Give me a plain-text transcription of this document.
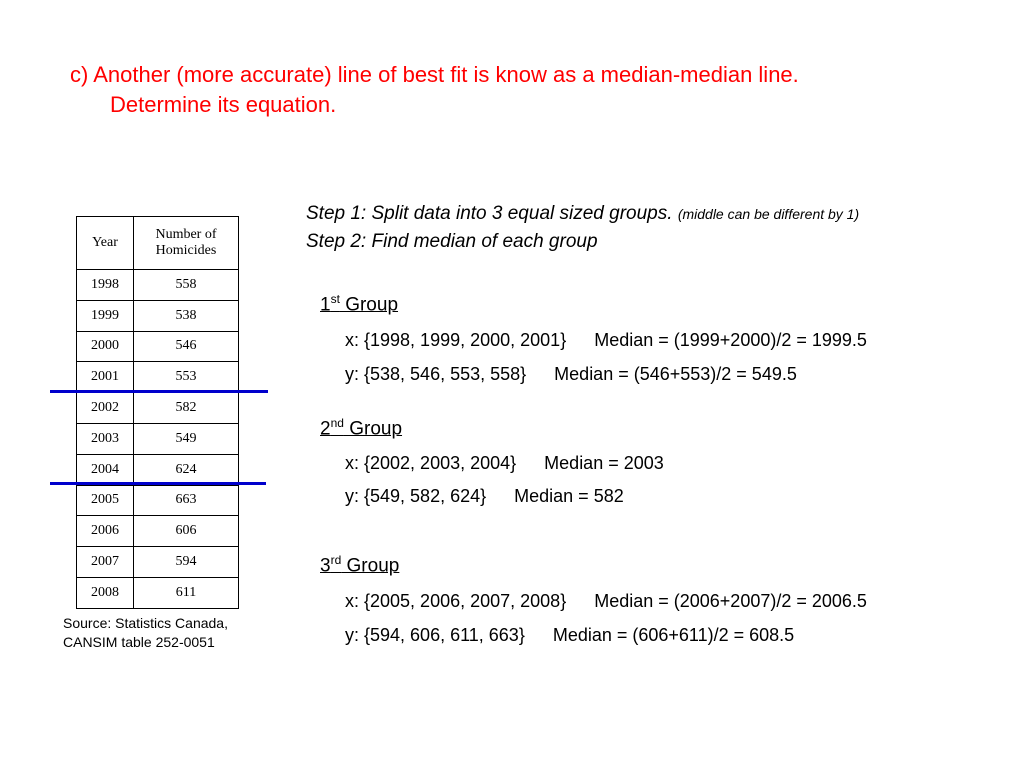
c) Another (more accurate) line of best fit is know as a median-median line.
Determine its equation.
Year	Number of Homicides
1998	558
1999	538
2000	546
2001	553
2002	582
2003	549
2004	624
2005	663
2006	606
2007	594
2008	611
Source: Statistics Canada,
CANSIM table 252-0051
Step 1: Split data into 3 equal sized groups. (middle can be different by 1)
Step 2: Find median of each group
1st Group
x: {1998, 1999, 2000, 2001} Median = (1999+2000)/2 = 1999.5
y: {538, 546, 553, 558} Median = (546+553)/2 = 549.5
2nd Group
x: {2002, 2003, 2004} Median = 2003
y: {549, 582, 624} Median = 582
3rd Group
x: {2005, 2006, 2007, 2008} Median = (2006+2007)/2 = 2006.5
y: {594, 606, 611, 663} Median = (606+611)/2 = 608.5
